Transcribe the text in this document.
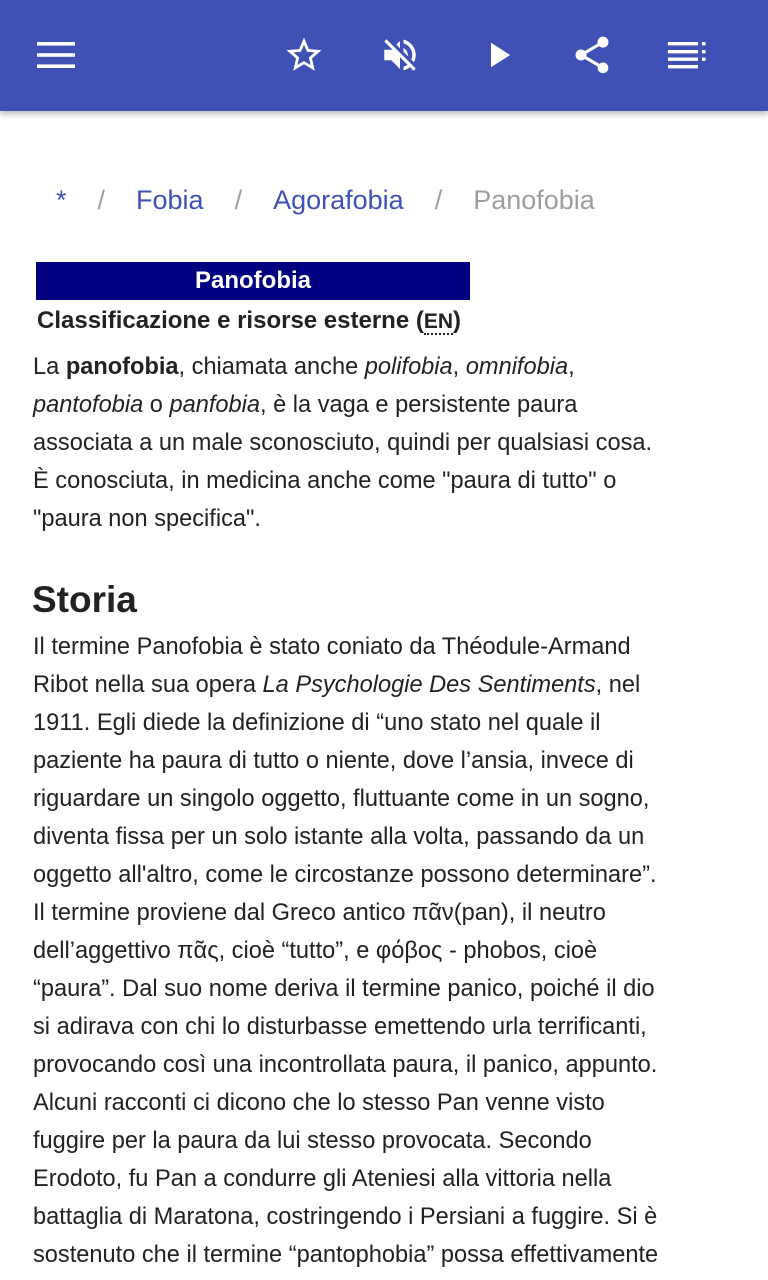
* / Fobia / Agorafobia / Panofobia
Panofobia
Classificazione e risorse esterne (EN)
La panofobia, chiamata anche polifobia, omnifobia,
pantofobia o panfobia, è la vaga e persistente paura
associata a un male sconosciuto, quindi per qualsiasi cosa.
È conosciuta, in medicina anche come "paura di tutto" o
"paura non specifica".
Storia
Il termine Panofobia è stato coniato da Théodule-Armand
Ribot nella sua opera La Psychologie Des Sentiments, nel
1911. Egli diede la definizione di “uno stato nel quale il
paziente ha paura di tutto o niente, dove l’ansia, invece di
riguardare un singolo oggetto, fluttuante come in un sogno,
diventa fissa per un solo istante alla volta, passando da un
oggetto all'altro, come le circostanze possono determinare”.
Il termine proviene dal Greco antico πᾶν(pan), il neutro
dell’aggettivo πᾶς, cioè “tutto”, e φόβος - phobos, cioè
“paura”. Dal suo nome deriva il termine panico, poiché il dio
si adirava con chi lo disturbasse emettendo urla terrificanti,
provocando così una incontrollata paura, il panico, appunto.
Alcuni racconti ci dicono che lo stesso Pan venne visto
fuggire per la paura da lui stesso provocata. Secondo
Erodoto, fu Pan a condurre gli Ateniesi alla vittoria nella
battaglia di Maratona, costringendo i Persiani a fuggire. Si è
sostenuto che il termine “pantophobia” possa effettivamente
